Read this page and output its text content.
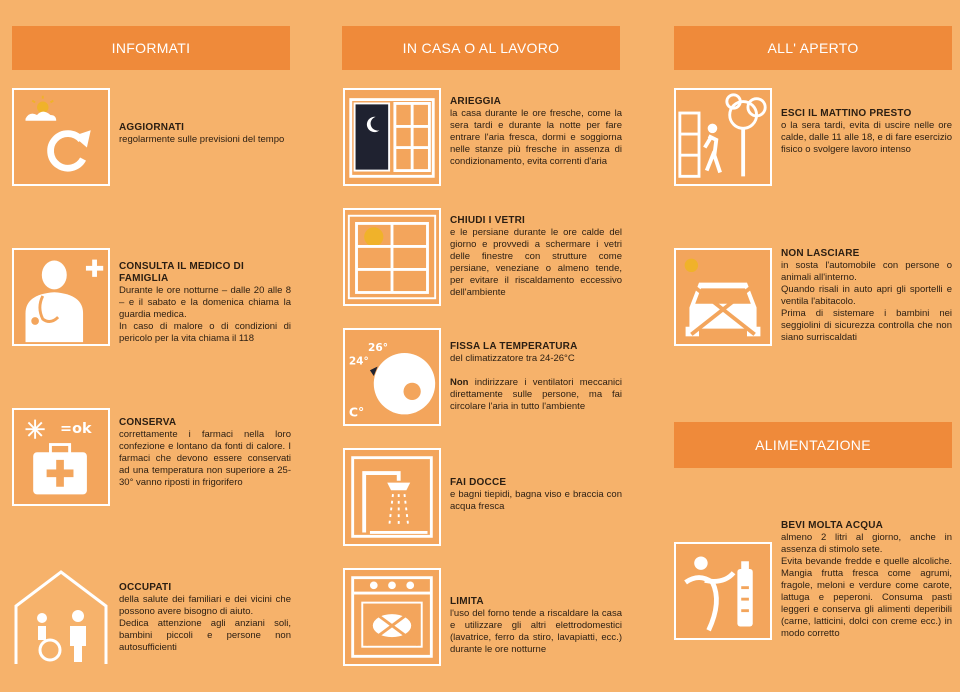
INFORMATI	IN CASA O AL LAVORO	ALL' APERTO
ALIMENTAZIONE
AGGIORNATI

regolarmente sulle previsioni del tempo

CONSULTA IL MEDICO DI FAMIGLIA

Durante le ore notturne – dalle 20 alle 8 – e il sabato e la domenica chiama la guardia medica.

In caso di malore o di condizioni di pericolo per la vita chiama il 118

=ok	CONSERVA

correttamente i farmaci nella loro confezione e lontano da fonti di calore. I farmaci che devono essere conservati ad una temperatura non superiore a 25-30° vanno riposti in frigorifero

OCCUPATI

della salute dei familiari e dei vicini che possono avere bisogno di aiuto.

Dedica attenzione agli anziani soli, bambini piccoli e persone non autosufficienti

ARIEGGIA

la casa durante le ore fresche, come la sera tardi e durante la notte per fare entrare l'aria fresca, dormi e soggiorna nelle stanze più fresche in assenza di condizionamento, evita correnti d'aria

CHIUDI I VETRI

e le persiane durante le ore calde del giorno e provvedi a schermare i vetri delle finestre con strutture come persiane, veneziane o almeno tende, per evitare il riscaldamento eccessivo dell'ambiente

24°
26°
C°
FISSA LA TEMPERATURA

del climatizzatore tra 24-26°C

Non indirizzare i ventilatori meccanici direttamente sulle persone, ma fai circolare l'aria in tutto l'ambiente

FAI DOCCE

e bagni tiepidi, bagna viso e braccia con acqua fresca

LIMITA

l'uso del forno tende a riscaldare la casa e utilizzare gli altri elettrodomestici (lavatrice, ferro da stiro, lavapiatti, ecc.) durante le ore notturne

ESCI IL MATTINO PRESTO

o la sera tardi, evita di uscire nelle ore calde, dalle 11 alle 18, e di fare esercizio fisico o svolgere lavoro intenso

NON LASCIARE

in sosta l'automobile con persone o animali all'interno.

Quando risali in auto apri gli sportelli e ventila l'abitacolo.

Prima di sistemare i bambini nei seggiolini di sicurezza controlla che non siano surriscaldati

BEVI MOLTA ACQUA

almeno 2 litri al giorno, anche in assenza di stimolo sete.

Evita bevande fredde e quelle alcoliche. Mangia frutta fresca come agrumi, fragole, meloni e verdure come carote, lattuga e peperoni. Consuma pasti leggeri e conserva gli alimenti deperibili (carne, latticini, dolci con creme ecc.) in modo corretto
